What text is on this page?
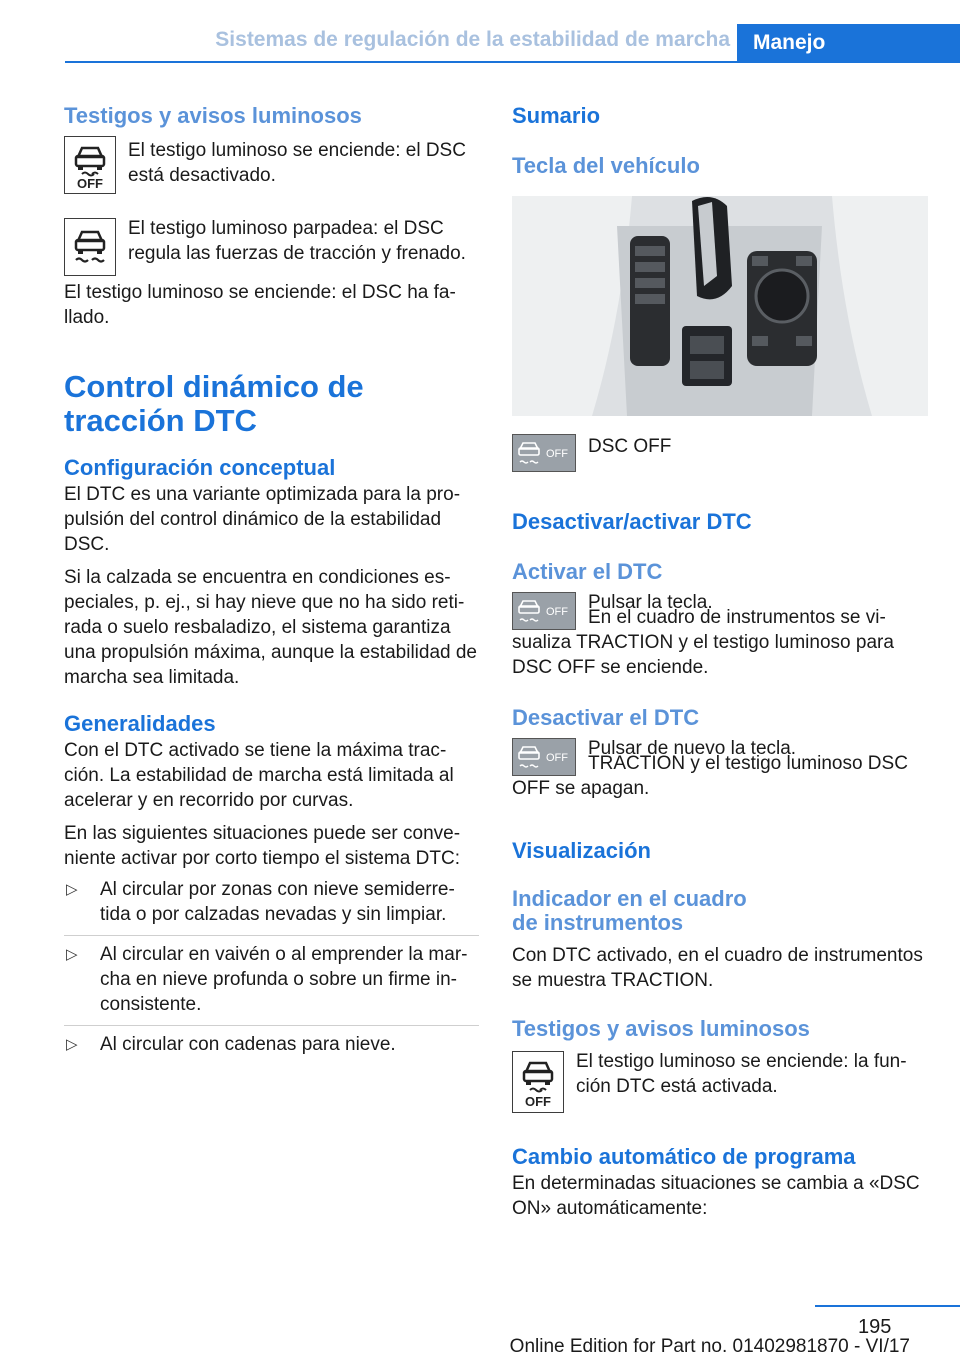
Sistemas de regulación de la estabilidad de marcha	Manejo
Testigos y avisos luminosos
OFF

El testigo luminoso se enciende: el DSC está desactivado.

El testigo luminoso parpadea: el DSC regula las fuerzas de tracción y frenado.

El testigo luminoso se enciende: el DSC ha fallado.

Control dinámico de tracción DTC
Configuración conceptual

El DTC es una variante optimizada para la propulsión del control dinámico de la estabilidad DSC.

Si la calzada se encuentra en condiciones especiales, p. ej., si hay nieve que no ha sido retirada o suelo resbaladizo, el sistema garantiza una propulsión máxima, aunque la estabilidad de marcha sea limitada.

Generalidades

Con el DTC activado se tiene la máxima tracción. La estabilidad de marcha está limitada al acelerar y en recorrido por curvas.

En las siguientes situaciones puede ser conveniente activar por corto tiempo el sistema DTC:

▷	Al circular por zonas con nieve semiderretida o por calzadas nevadas y sin limpiar.

▷	Al circular en vaivén o al emprender la marcha en nieve profunda o sobre un firme inconsistente.

▷	Al circular con cadenas para nieve.

Sumario
Tecla del vehículo
OFF DSC OFF

Desactivar/activar DTC
Activar el DTC
OFF Pulsar la tecla.

En el cuadro de instrumentos se visualiza TRACTION y el testigo luminoso para DSC OFF se enciende.

Desactivar el DTC
OFF Pulsar de nuevo la tecla.

TRACTION y el testigo luminoso DSC OFF se apagan.

Visualización
Indicador en el cuadro de instrumentos

Con DTC activado, en el cuadro de instrumentos se muestra TRACTION.

Testigos y avisos luminosos
OFF

El testigo luminoso se enciende: la función DTC está activada.

Cambio automático de programa

En determinadas situaciones se cambia a «DSC ON» automáticamente:

195
Online Edition for Part no. 01402981870 - VI/17
